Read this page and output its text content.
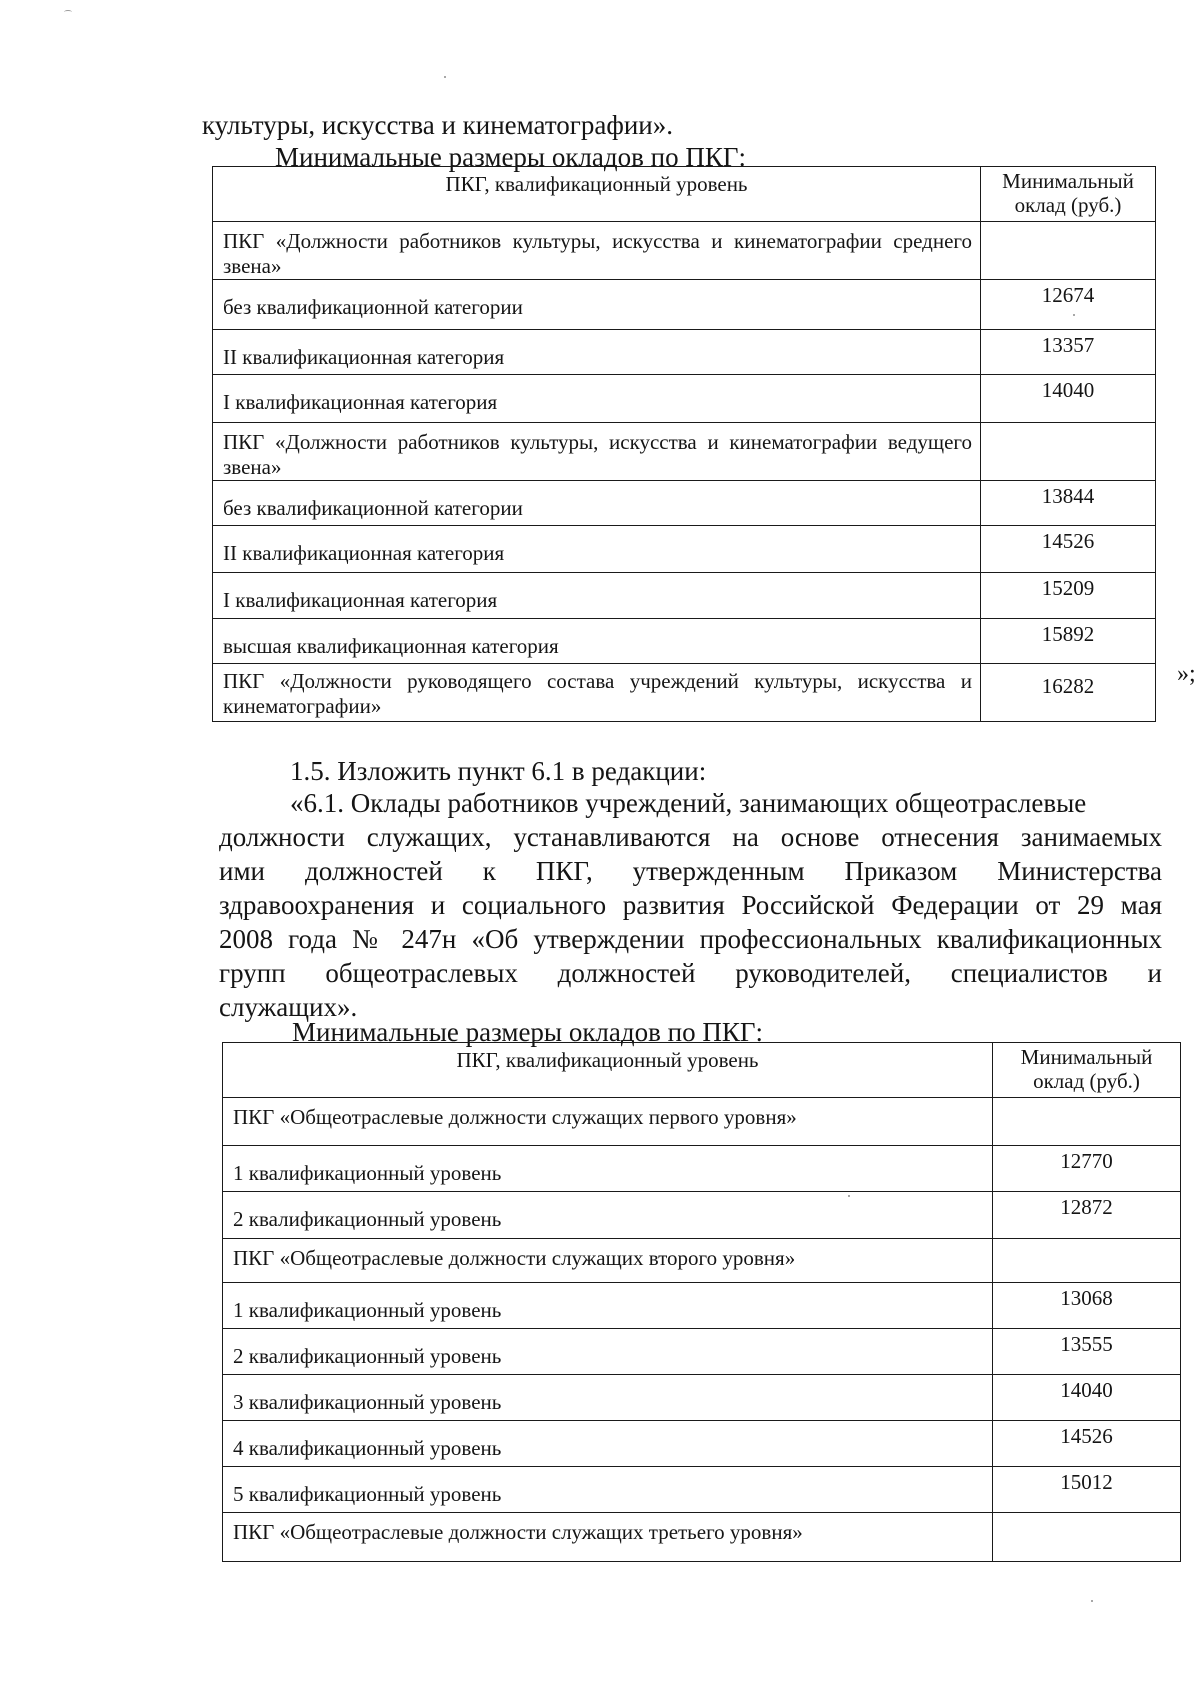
культуры, искусства и кинематографии».
Минимальные размеры окладов по ПКГ:
ПКГ, квалификационный уровень	Минимальный оклад (руб.)
ПКГ «Должности работников культуры, искусства и кинематографии среднего звена»	
без квалификационной категории	12674
II квалификационная категория	13357
I квалификационная категория	14040
ПКГ «Должности работников культуры, искусства и кинематографии ведущего звена»	
без квалификационной категории	13844
II квалификационная категория	14526
I квалификационная категория	15209
высшая квалификационная категория	15892
ПКГ «Должности руководящего состава учреждений культуры, искусства и кинематографии»	16282	»;
1.5. Изложить пункт 6.1 в редакции:
«6.1. Оклады работников учреждений, занимающих общеотраслевые
должности служащих, устанавливаются на основе отнесения занимаемых
ими должностей к ПКГ, утвержденным Приказом Министерства
здравоохранения и социального развития Российской Федерации от 29 мая
2008 года № 247н «Об утверждении профессиональных квалификационных
групп общеотраслевых должностей руководителей, специалистов и
служащих».
Минимальные размеры окладов по ПКГ:
ПКГ, квалификационный уровень	Минимальный оклад (руб.)
ПКГ «Общеотраслевые должности служащих первого уровня»	
1 квалификационный уровень	12770
2 квалификационный уровень	12872
ПКГ «Общеотраслевые должности служащих второго уровня»	
1 квалификационный уровень	13068
2 квалификационный уровень	13555
3 квалификационный уровень	14040
4 квалификационный уровень	14526
5 квалификационный уровень	15012
ПКГ «Общеотраслевые должности служащих третьего уровня»	
